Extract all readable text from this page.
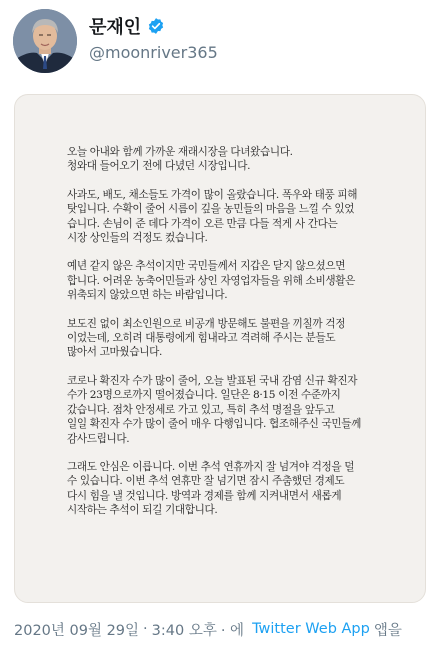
문재인
@moonriver365
오늘 아내와 함께 가까운 재래시장을 다녀왔습니다.
청와대 들어오기 전에 다녔던 시장입니다.
사과도, 배도, 채소들도 가격이 많이 올랐습니다. 폭우와 태풍 피해
탓입니다. 수확이 줄어 시름이 깊을 농민들의 마음을 느낄 수 있었
습니다. 손님이 준 데다 가격이 오른 만큼 다들 적게 사 간다는
시장 상인들의 걱정도 컸습니다.
예년 같지 않은 추석이지만 국민들께서 지갑은 닫지 않으셨으면
합니다. 어려운 농축어민들과 상인 자영업자들을 위해 소비생활은
위축되지 않았으면 하는 바람입니다.
보도진 없이 최소인원으로 비공개 방문해도 불편을 끼칠까 걱정
이었는데, 오히려 대통령에게 힘내라고 격려해 주시는 분들도
많아서 고마웠습니다.
코로나 확진자 수가 많이 줄어, 오늘 발표된 국내 감염 신규 확진자
수가 23명으로까지 떨어졌습니다. 일단은 8·15 이전 수준까지
갔습니다. 점차 안정세로 가고 있고, 특히 추석 명절을 앞두고
일일 확진자 수가 많이 줄어 매우 다행입니다. 협조해주신 국민들께
감사드립니다.
그래도 안심은 이릅니다. 이번 추석 연휴까지 잘 넘겨야 걱정을 덜
수 있습니다. 이번 추석 연휴만 잘 넘기면 잠시 주춤했던 경제도
다시 힘을 낼 것입니다. 방역과 경제를 함께 지켜내면서 새롭게
시작하는 추석이 되길 기대합니다.
2020년 09월 29일 · 3:40 오후 · 에 Twitter Web App 앱을
